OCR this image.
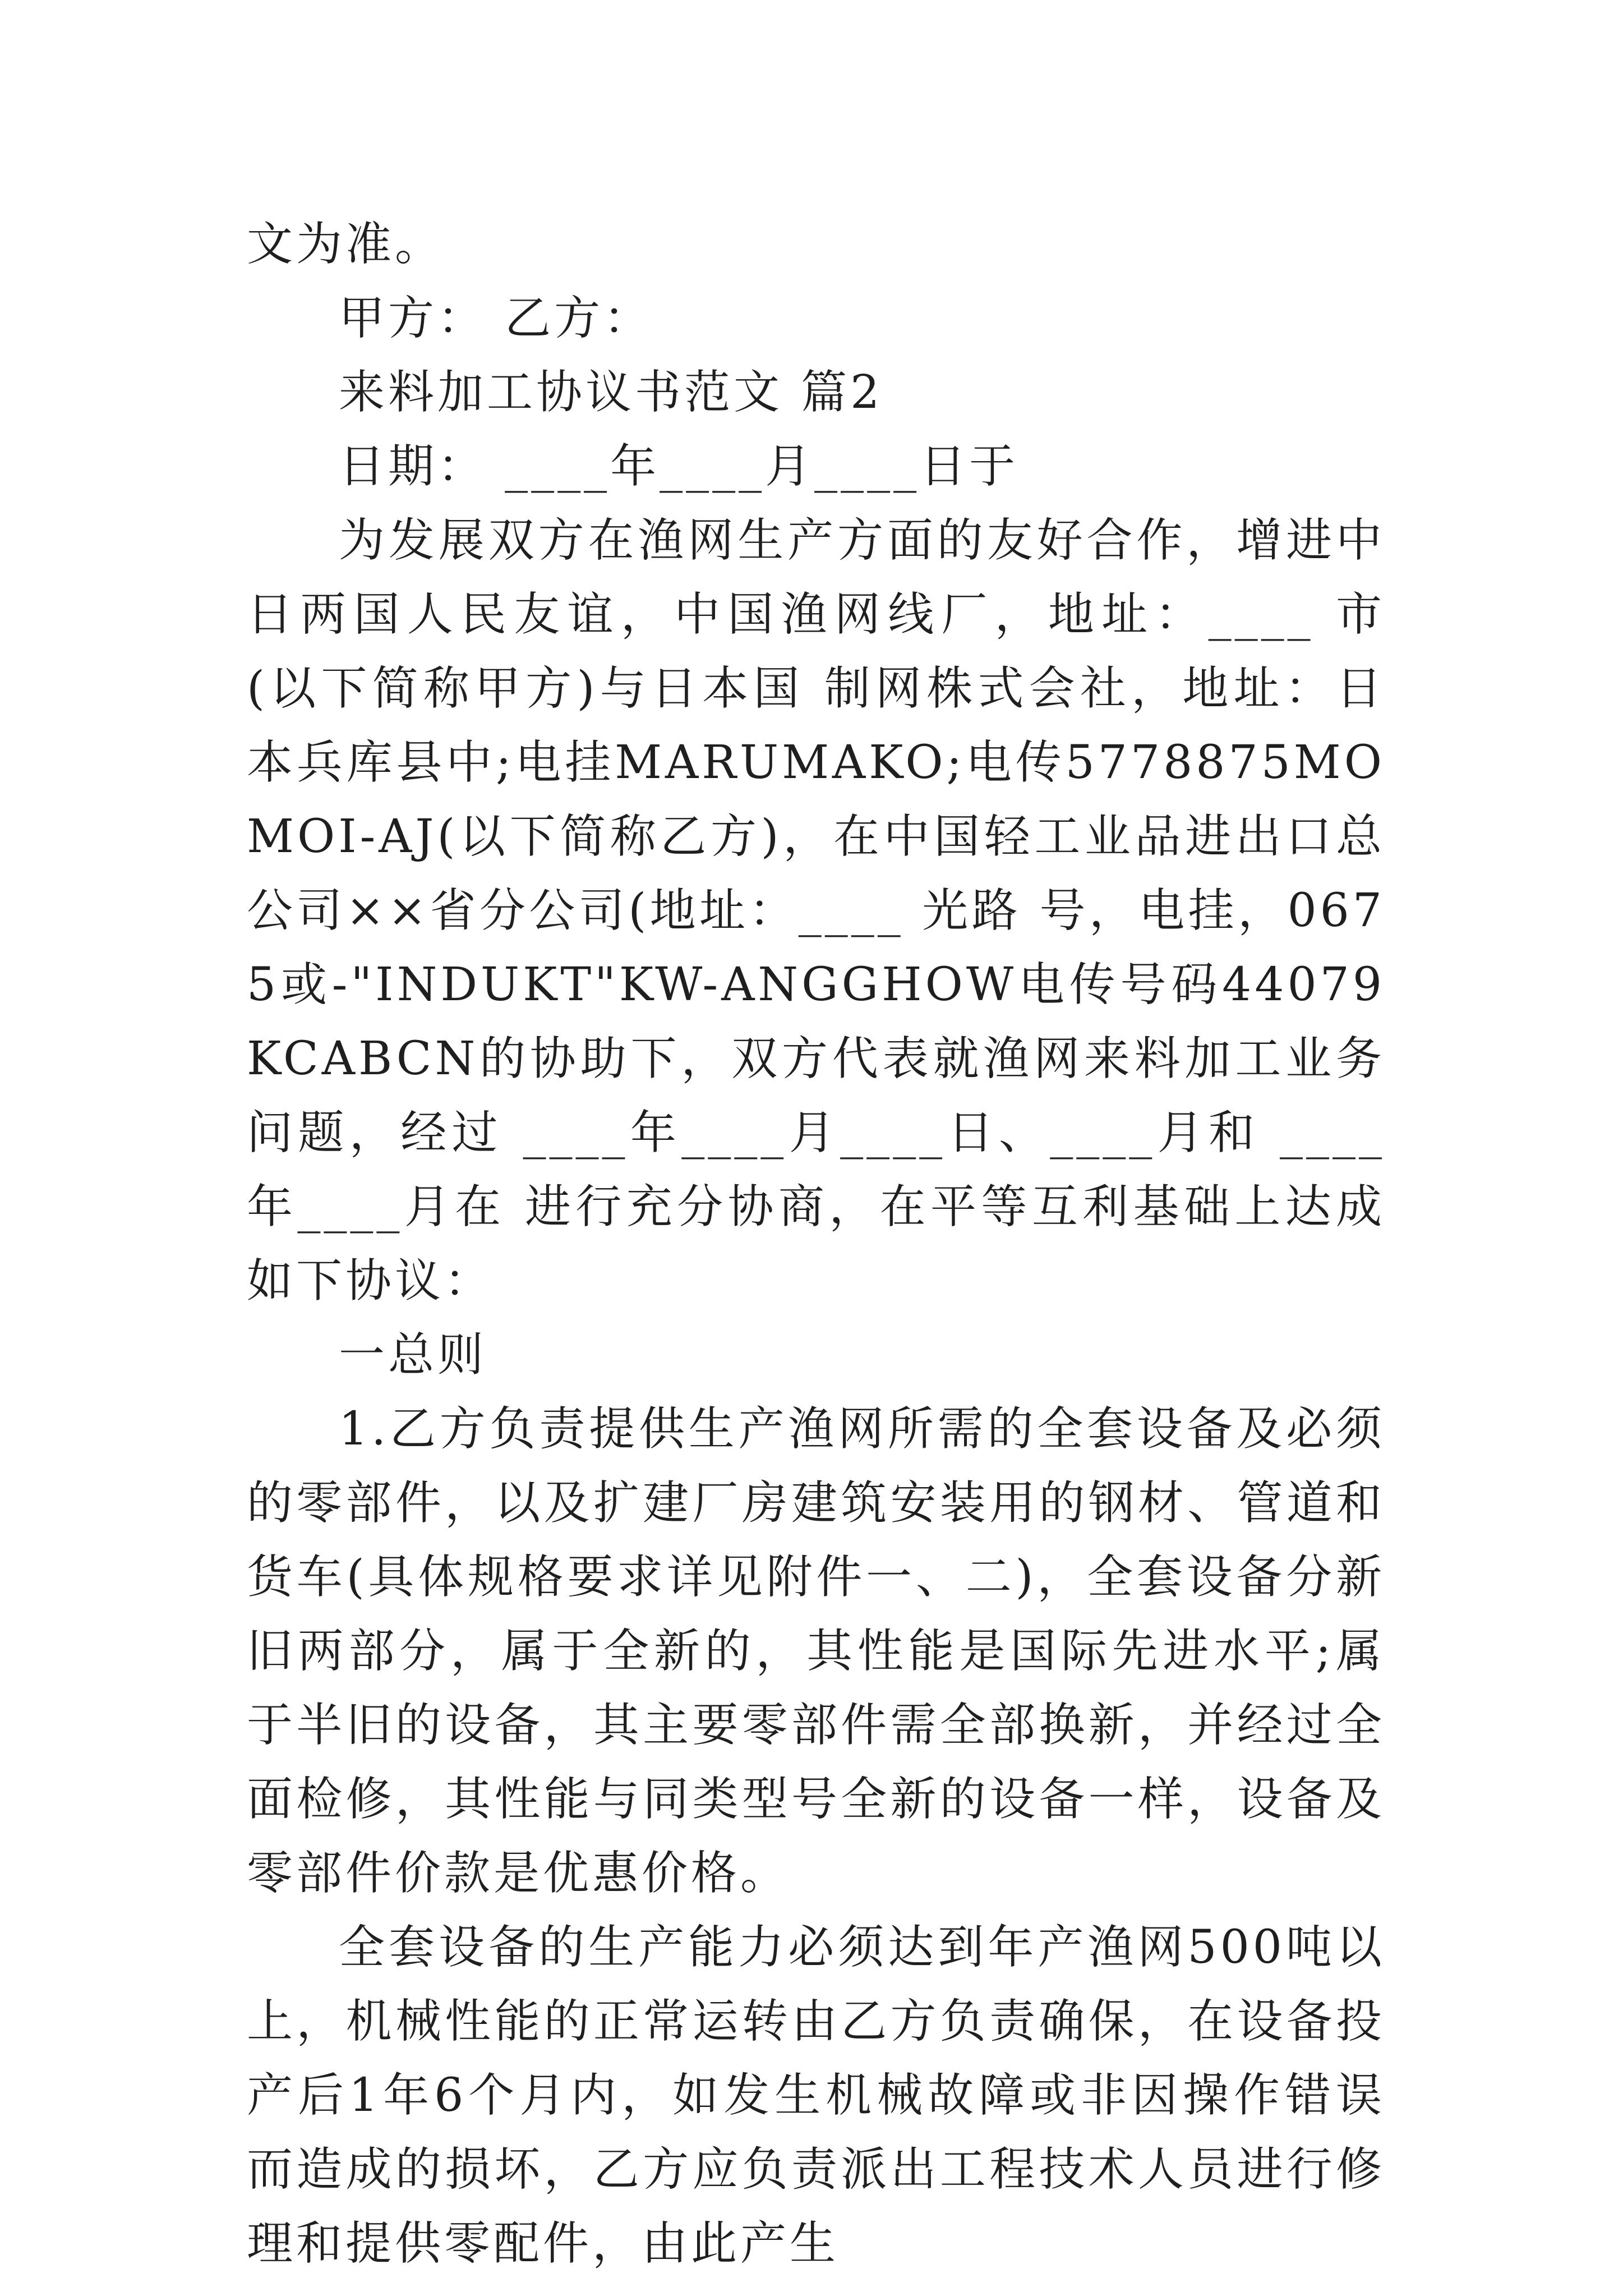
文为准。

甲方： 乙方：

来料加工协议书范文 篇2

日期： ____年____月____日于

为发展双方在渔网生产方面的友好合作，增进中日两国人民友谊，中国渔网线厂，地址：____ 市 (以下简称甲方)与日本国 制网株式会社，地址：日本兵库县中;电挂MARUMAKO;电传5778875MOMOI-AJ(以下简称乙方)，在中国轻工业品进出口总公司××省分公司(地址：____ 光路 号，电挂，0675或-"INDUKT"KW-ANGGHOW电传号码44079KCABCN的协助下，双方代表就渔网来料加工业务问题，经过 ____年____月____日、____月和 ____年____月在 进行充分协商，在平等互利基础上达成如下协议：

一总则

1.乙方负责提供生产渔网所需的全套设备及必须的零部件，以及扩建厂房建筑安装用的钢材、管道和货车(具体规格要求详见附件一、二)，全套设备分新旧两部分，属于全新的，其性能是国际先进水平;属于半旧的设备，其主要零部件需全部换新，并经过全面检修，其性能与同类型号全新的设备一样，设备及零部件价款是优惠价格。

全套设备的生产能力必须达到年产渔网500吨以上，机械性能的正常运转由乙方负责确保，在设备投产后1年6个月内，如发生机械故障或非因操作错误而造成的损坏，乙方应负责派出工程技术人员进行修理和提供零配件，由此产生
